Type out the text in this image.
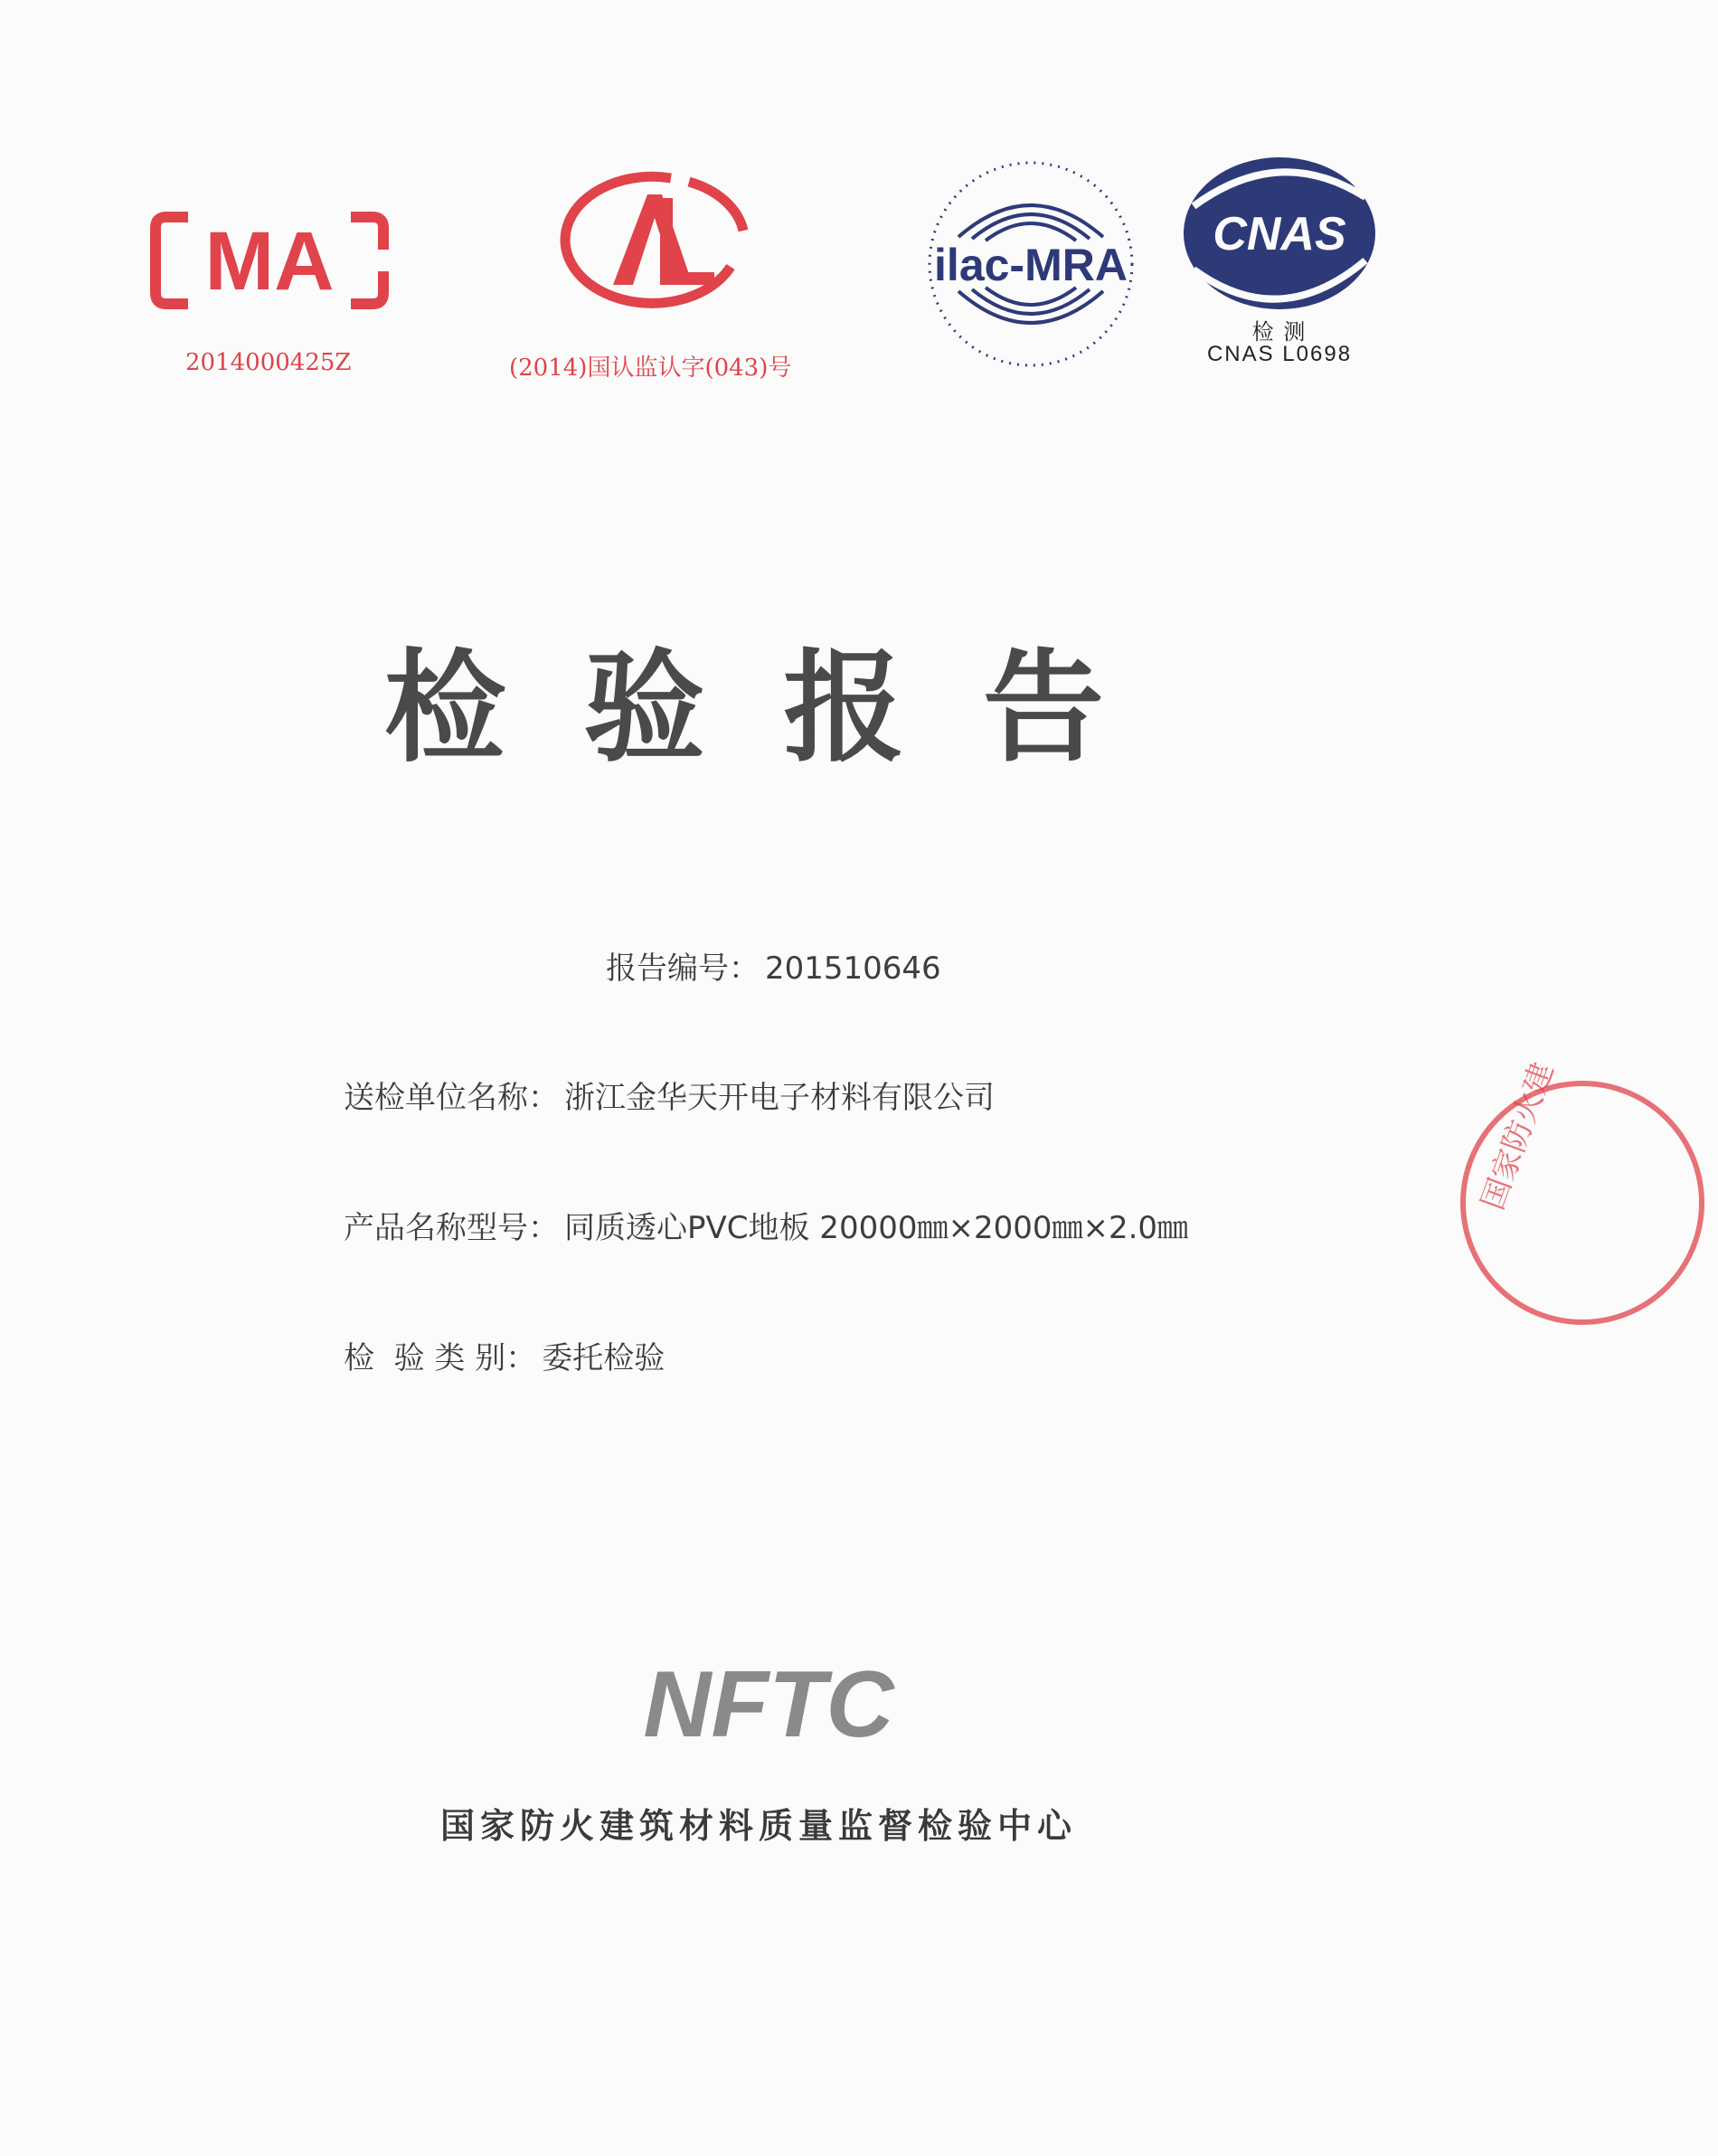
MA
2014000425Z	(2014)国认监认字(043)号
ilac-MRA
CNAS
检 测
CNAS L0698
检 验 报 告
报告编号： 201510646
送检单位名称： 浙江金华天开电子材料有限公司
产品名称型号： 同质透心PVC地板 20000㎜×2000㎜×2.0㎜
检  验 类 别： 委托检验
NFTC
国家防火建筑材料质量监督检验中心
国家防火建
